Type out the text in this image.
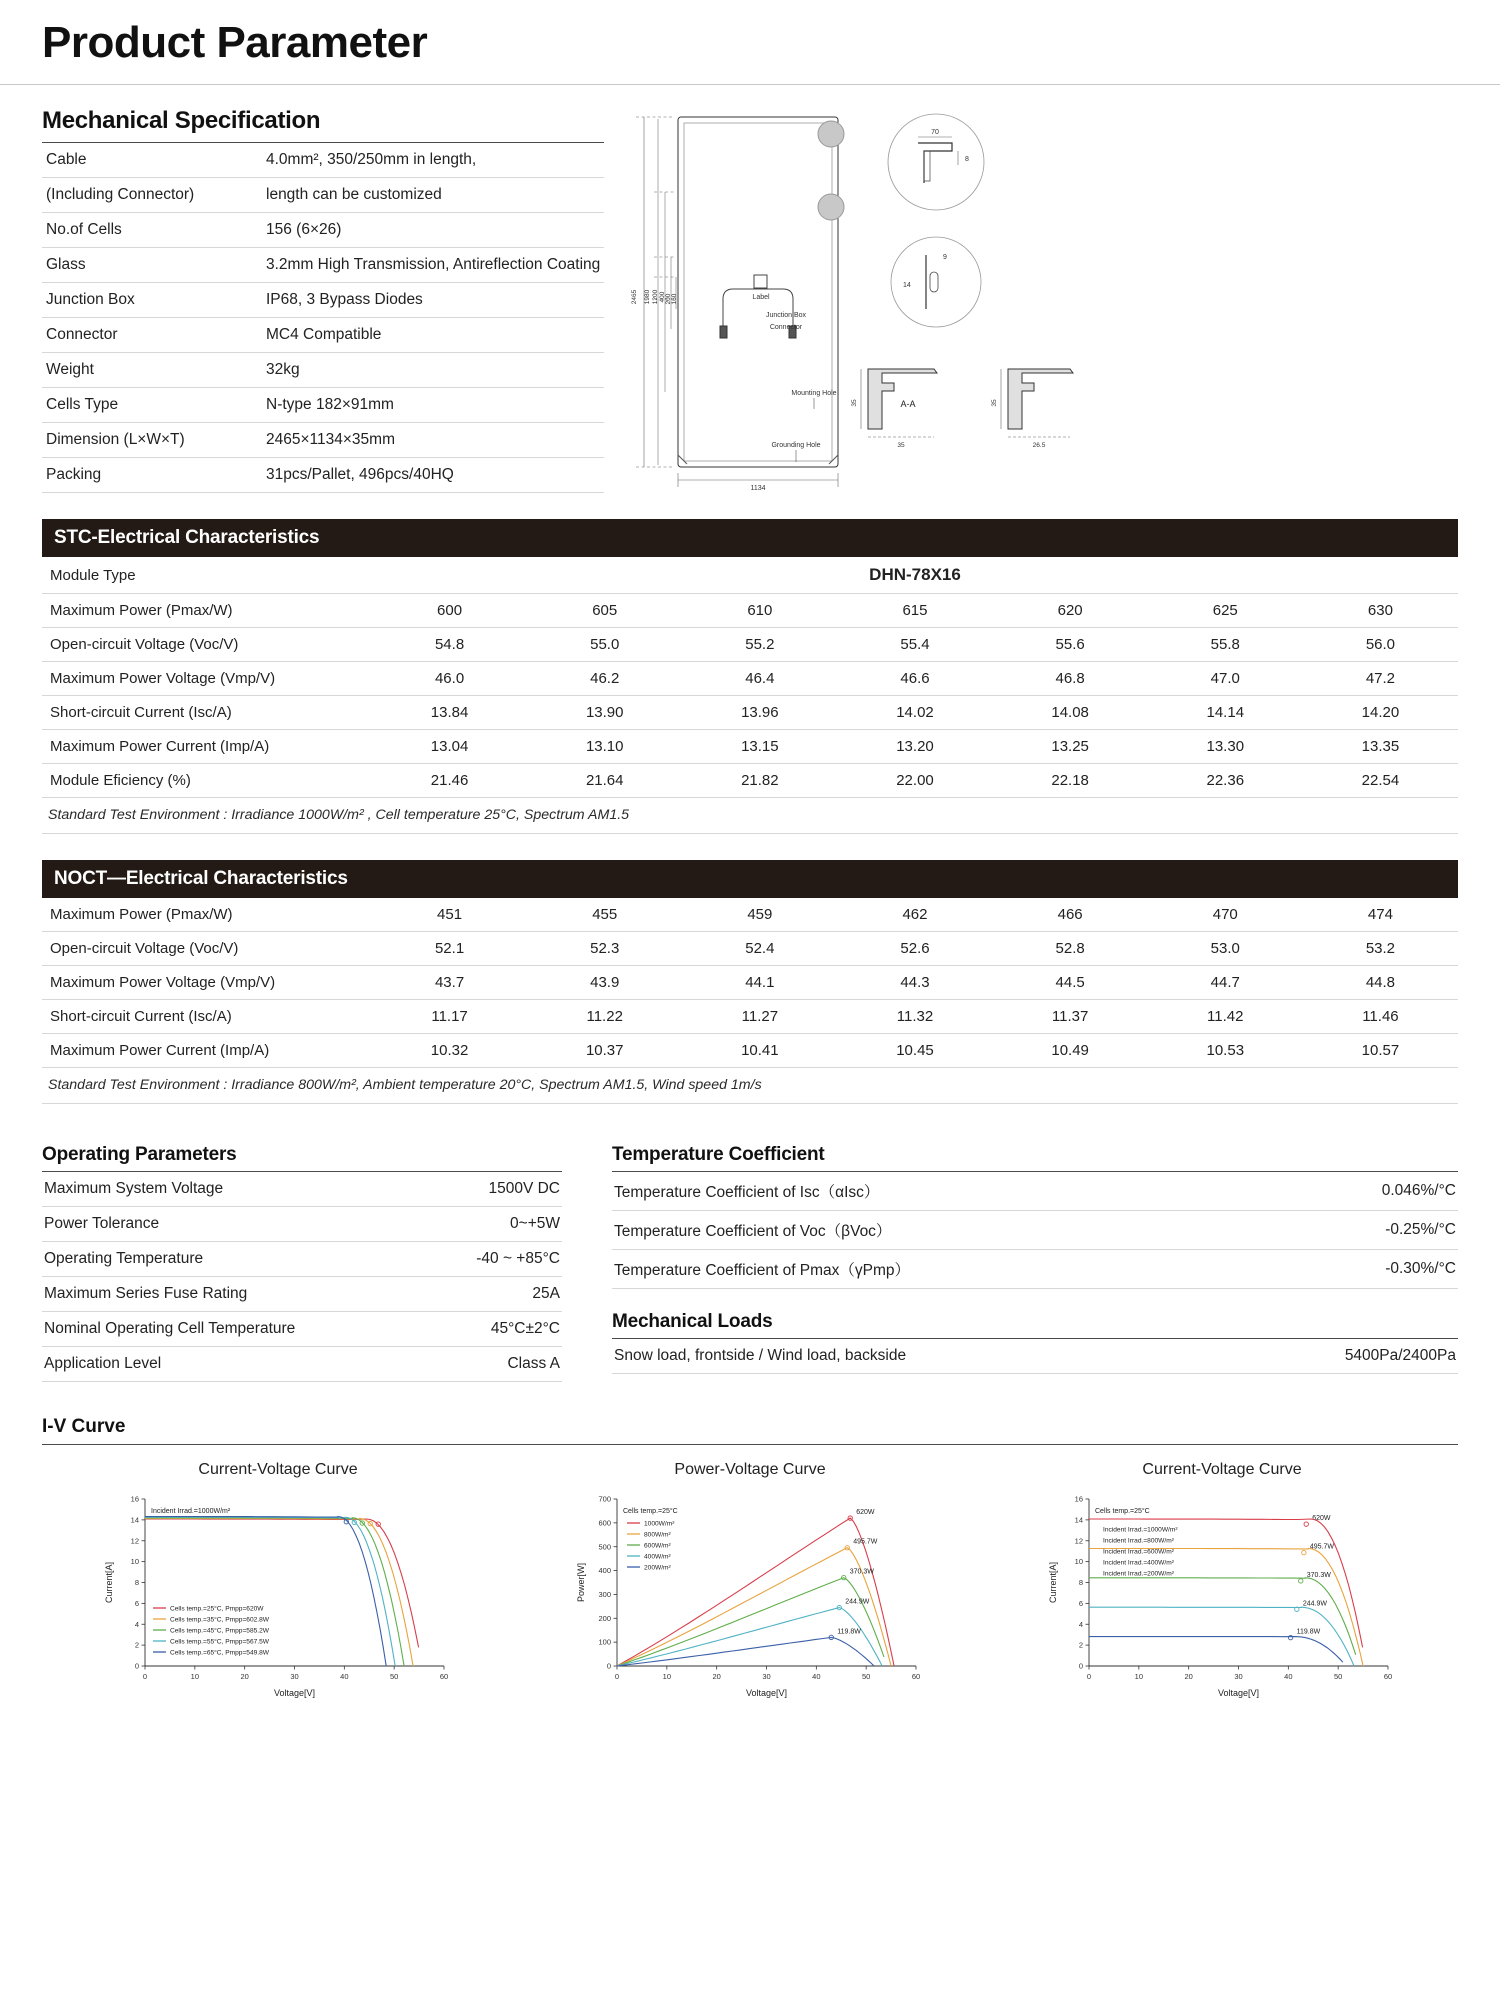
Product Parameter
Mechanical Specification
Cable	4.0mm², 350/250mm in length,
(Including Connector)	length can be customized
No.of Cells	156 (6×26)
Glass	3.2mm High Transmission, Antireflection Coating
Junction Box	IP68, 3 Bypass Diodes
Connector	MC4 Compatible
Weight	32kg
Cells Type	N-type 182×91mm
Dimension (L×W×T)	2465×1134×35mm
Packing	31pcs/Pallet, 496pcs/40HQ
2465 1980 1200 400 200 160
1134
Label
Junction Box
Connector
Mounting Hole
Grounding Hole
70
8
9
14
35
35
A-A	35
26.5
STC-Electrical Characteristics
Module Type	DHN-78X16						
Maximum Power (Pmax/W)	600	605	610	615	620	625	630
Open-circuit Voltage (Voc/V)	54.8	55.0	55.2	55.4	55.6	55.8	56.0
Maximum Power Voltage (Vmp/V)	46.0	46.2	46.4	46.6	46.8	47.0	47.2
Short-circuit Current (Isc/A)	13.84	13.90	13.96	14.02	14.08	14.14	14.20
Maximum Power Current (Imp/A)	13.04	13.10	13.15	13.20	13.25	13.30	13.35
Module Eficiency (%)	21.46	21.64	21.82	22.00	22.18	22.36	22.54
Standard Test Environment : Irradiance 1000W/m² , Cell temperature 25°C, Spectrum AM1.5
NOCT—Electrical Characteristics
Maximum Power (Pmax/W)	451	455	459	462	466	470	474
Open-circuit Voltage (Voc/V)	52.1	52.3	52.4	52.6	52.8	53.0	53.2
Maximum Power Voltage (Vmp/V)	43.7	43.9	44.1	44.3	44.5	44.7	44.8
Short-circuit Current (Isc/A)	11.17	11.22	11.27	11.32	11.37	11.42	11.46
Maximum Power Current (Imp/A)	10.32	10.37	10.41	10.45	10.49	10.53	10.57
Standard Test Environment : Irradiance 800W/m², Ambient temperature 20°C, Spectrum AM1.5, Wind speed 1m/s
Operating Parameters
Maximum System Voltage	1500V DC
Power Tolerance	0~+5W
Operating Temperature	-40 ~ +85°C
Maximum Series Fuse Rating	25A
Nominal Operating Cell Temperature	45°C±2°C
Application Level	Class A
Temperature Coefficient
Temperature Coefficient of Isc（αIsc）	0.046%/°C
Temperature Coefficient of Voc（βVoc）	-0.25%/°C
Temperature Coefficient of Pmax（γPmp）	-0.30%/°C
Mechanical Loads
Snow load, frontside / Wind load, backside	5400Pa/2400Pa
I-V Curve
Current-Voltage Curve
0	10	20	30	40	50	60
0
2
4
6
8
10
12
14
16
Voltage[V]
Current[A]
Incident Irrad.=1000W/m²
Cells temp.=25°C, Pmpp=620W
Cells temp.=35°C, Pmpp=602.8W
Cells temp.=45°C, Pmpp=585.2W
Cells temp.=55°C, Pmpp=567.5W
Cells temp.=65°C, Pmpp=549.8W
Power-Voltage Curve
0	10	20	30	40	50	60
0
100
200
300
400
500
600
700
Voltage[V]
Power[W]
620W
495.7W
370.3W
244.9W
119.8W
Cells temp.=25°C
1000W/m²
800W/m²
600W/m²
400W/m²
200W/m²
Current-Voltage Curve
0	10	20	30	40	50	60
0
2
4
6
8
10
12
14
16
Voltage[V]
Current[A]
620W
495.7W
370.3W
244.9W
119.8W
Cells temp.=25°C
Incident Irrad.=1000W/m²
Incident Irrad.=800W/m²
Incident Irrad.=600W/m²
Incident Irrad.=400W/m²
Incident Irrad.=200W/m²
